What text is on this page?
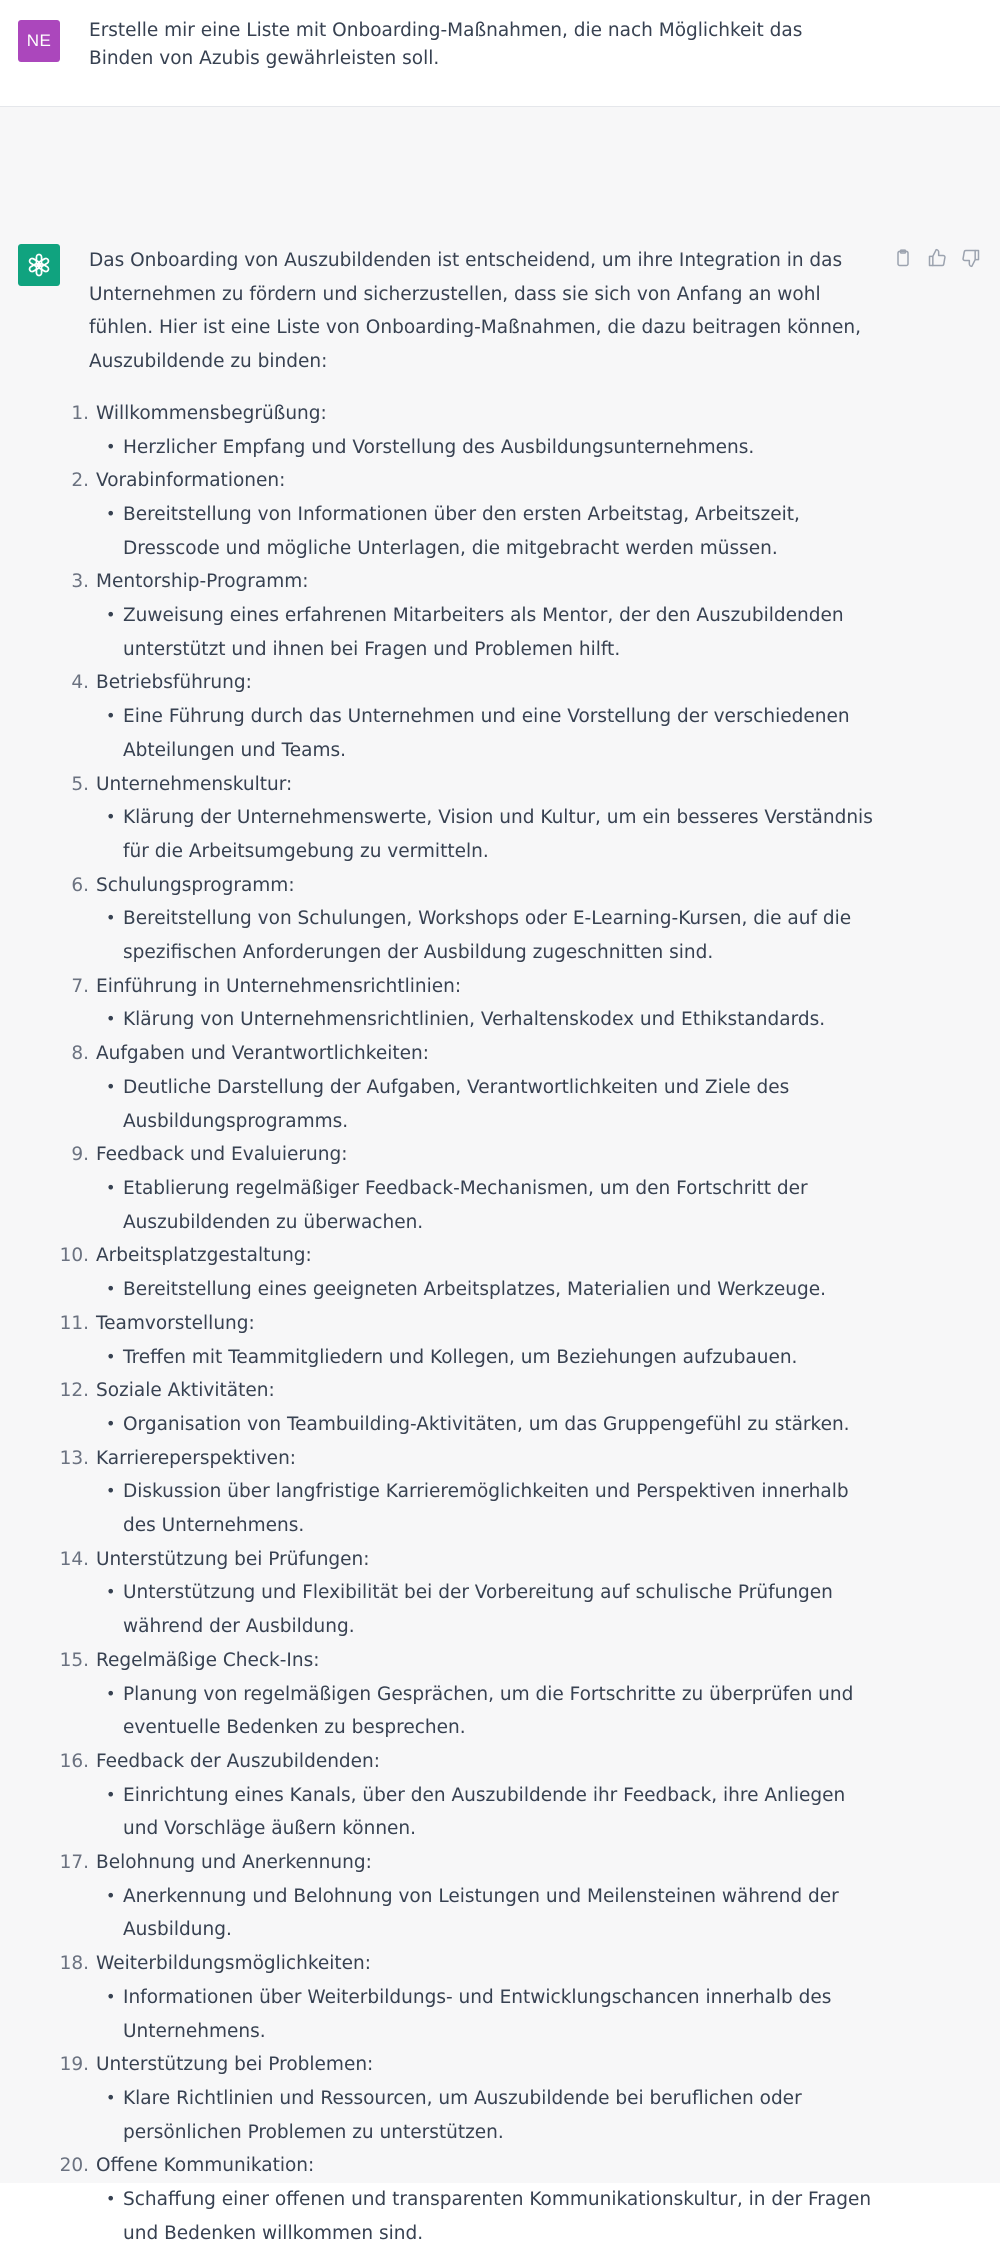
NE	Erstelle mir eine Liste mit Onboarding-Maßnahmen, die nach Möglichkeit das Binden von Azubis gewährleisten soll.

Das Onboarding von Auszubildenden ist entscheidend, um ihre Integration in das Unternehmen zu fördern und sicherzustellen, dass sie sich von Anfang an wohl fühlen. Hier ist eine Liste von Onboarding-Maßnahmen, die dazu beitragen können, Auszubildende zu binden:

1. Willkommensbegrüßung:
• Herzlicher Empfang und Vorstellung des Ausbildungsunternehmens.
2. Vorabinformationen:
• Bereitstellung von Informationen über den ersten Arbeitstag, Arbeitszeit, Dresscode und mögliche Unterlagen, die mitgebracht werden müssen.
3. Mentorship-Programm:
• Zuweisung eines erfahrenen Mitarbeiters als Mentor, der den Auszubildenden unterstützt und ihnen bei Fragen und Problemen hilft.
4. Betriebsführung:
• Eine Führung durch das Unternehmen und eine Vorstellung der verschiedenen Abteilungen und Teams.
5. Unternehmenskultur:
• Klärung der Unternehmenswerte, Vision und Kultur, um ein besseres Verständnis für die Arbeitsumgebung zu vermitteln.
6. Schulungsprogramm:
• Bereitstellung von Schulungen, Workshops oder E-Learning-Kursen, die auf die spezifischen Anforderungen der Ausbildung zugeschnitten sind.
7. Einführung in Unternehmensrichtlinien:
• Klärung von Unternehmensrichtlinien, Verhaltenskodex und Ethikstandards.
8. Aufgaben und Verantwortlichkeiten:
• Deutliche Darstellung der Aufgaben, Verantwortlichkeiten und Ziele des Ausbildungsprogramms.
9. Feedback und Evaluierung:
• Etablierung regelmäßiger Feedback-Mechanismen, um den Fortschritt der Auszubildenden zu überwachen.
10. Arbeitsplatzgestaltung:
• Bereitstellung eines geeigneten Arbeitsplatzes, Materialien und Werkzeuge.
11. Teamvorstellung:
• Treffen mit Teammitgliedern und Kollegen, um Beziehungen aufzubauen.
12. Soziale Aktivitäten:
• Organisation von Teambuilding-Aktivitäten, um das Gruppengefühl zu stärken.
13. Karriereperspektiven:
• Diskussion über langfristige Karrieremöglichkeiten und Perspektiven innerhalb des Unternehmens.
14. Unterstützung bei Prüfungen:
• Unterstützung und Flexibilität bei der Vorbereitung auf schulische Prüfungen während der Ausbildung.
15. Regelmäßige Check-Ins:
• Planung von regelmäßigen Gesprächen, um die Fortschritte zu überprüfen und eventuelle Bedenken zu besprechen.
16. Feedback der Auszubildenden:
• Einrichtung eines Kanals, über den Auszubildende ihr Feedback, ihre Anliegen und Vorschläge äußern können.
17. Belohnung und Anerkennung:
• Anerkennung und Belohnung von Leistungen und Meilensteinen während der Ausbildung.
18. Weiterbildungsmöglichkeiten:
• Informationen über Weiterbildungs- und Entwicklungschancen innerhalb des Unternehmens.
19. Unterstützung bei Problemen:
• Klare Richtlinien und Ressourcen, um Auszubildende bei beruflichen oder persönlichen Problemen zu unterstützen.
20. Offene Kommunikation:
• Schaffung einer offenen und transparenten Kommunikationskultur, in der Fragen und Bedenken willkommen sind.
